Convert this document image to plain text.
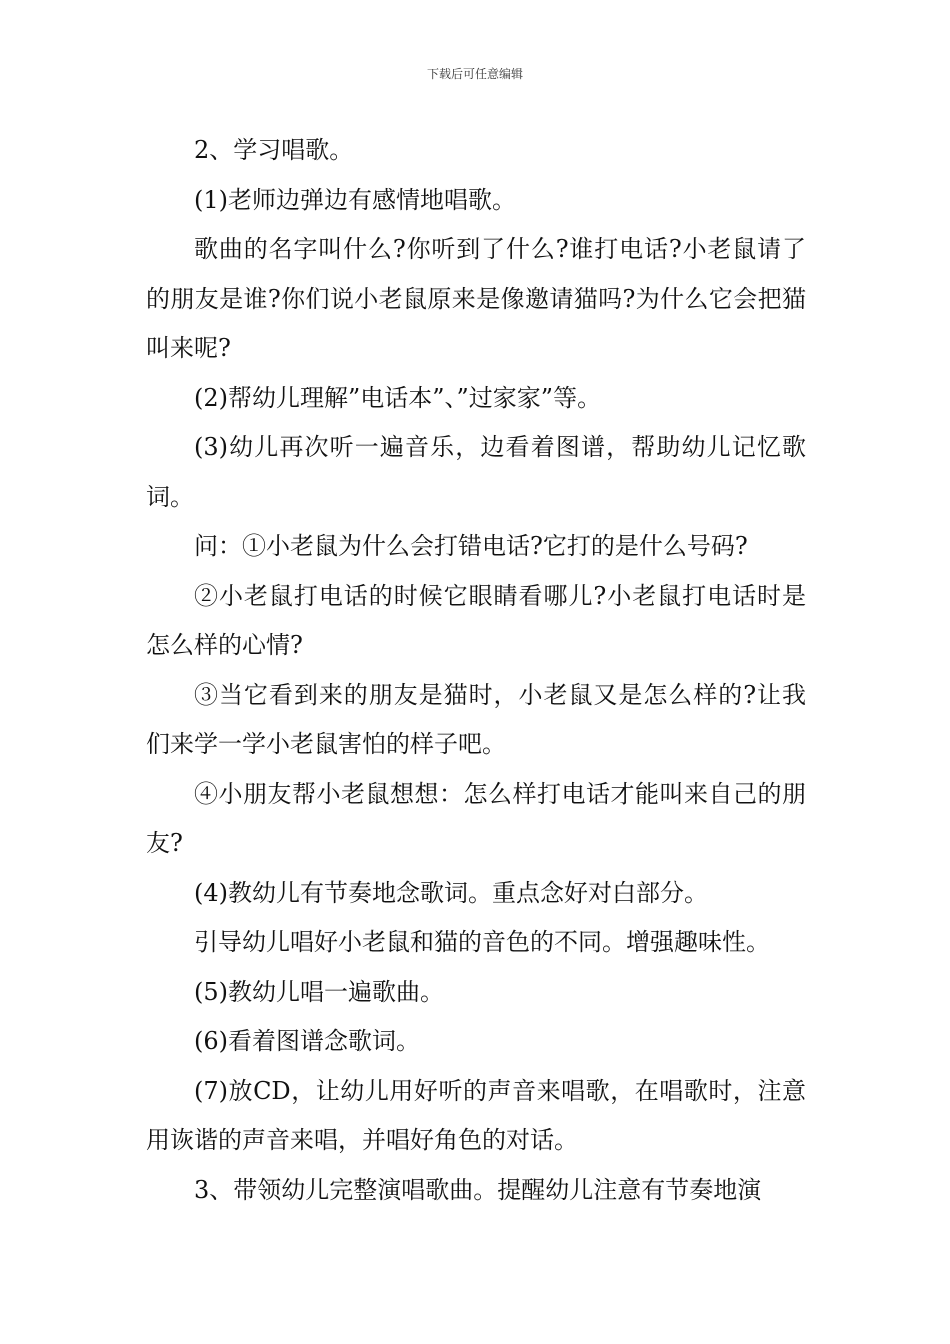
下载后可任意编辑

2、学习唱歌。

(1)老师边弹边有感情地唱歌。

歌曲的名字叫什么?你听到了什么?谁打电话?小老鼠请了的朋友是谁?你们说小老鼠原来是像邀请猫吗?为什么它会把猫叫来呢?

(2)帮幼儿理解”电话本”、”过家家”等。

(3)幼儿再次听一遍音乐，边看着图谱，帮助幼儿记忆歌词。

问：①小老鼠为什么会打错电话?它打的是什么号码?

②小老鼠打电话的时候它眼睛看哪儿?小老鼠打电话时是怎么样的心情?

③当它看到来的朋友是猫时，小老鼠又是怎么样的?让我们来学一学小老鼠害怕的样子吧。

④小朋友帮小老鼠想想：怎么样打电话才能叫来自己的朋友?

(4)教幼儿有节奏地念歌词。重点念好对白部分。

引导幼儿唱好小老鼠和猫的音色的不同。增强趣味性。

(5)教幼儿唱一遍歌曲。

(6)看着图谱念歌词。

(7)放CD，让幼儿用好听的声音来唱歌，在唱歌时，注意用诙谐的声音来唱，并唱好角色的对话。

3、带领幼儿完整演唱歌曲。提醒幼儿注意有节奏地演
